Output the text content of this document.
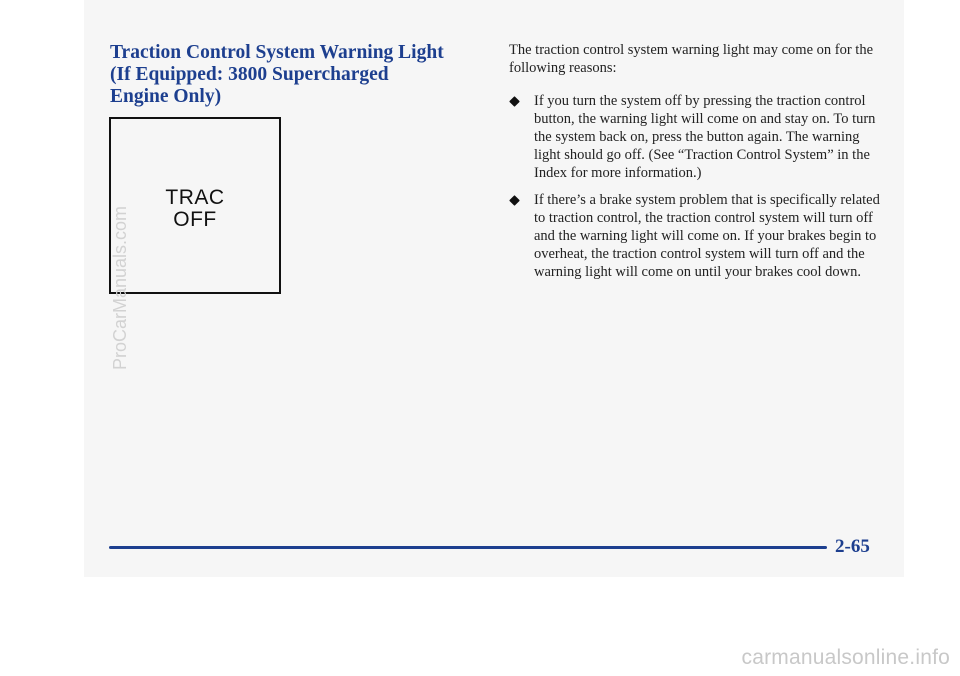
Traction Control System Warning Light
(If Equipped: 3800 Supercharged
Engine Only)
TRAC
OFF
ProCarManuals.com

The traction control system warning light may come on for the following reasons:

If you turn the system off by pressing the traction control button, the warning light will come on and stay on. To turn the system back on, press the button again. The warning light should go off. (See “Traction Control System” in the Index for more information.)
If there’s a brake system problem that is specifically related to traction control, the traction control system will turn off and the warning light will come on. If your brakes begin to overheat, the traction control system will turn off and the warning light will come on until your brakes cool down.
2-65
carmanualsonline.info
